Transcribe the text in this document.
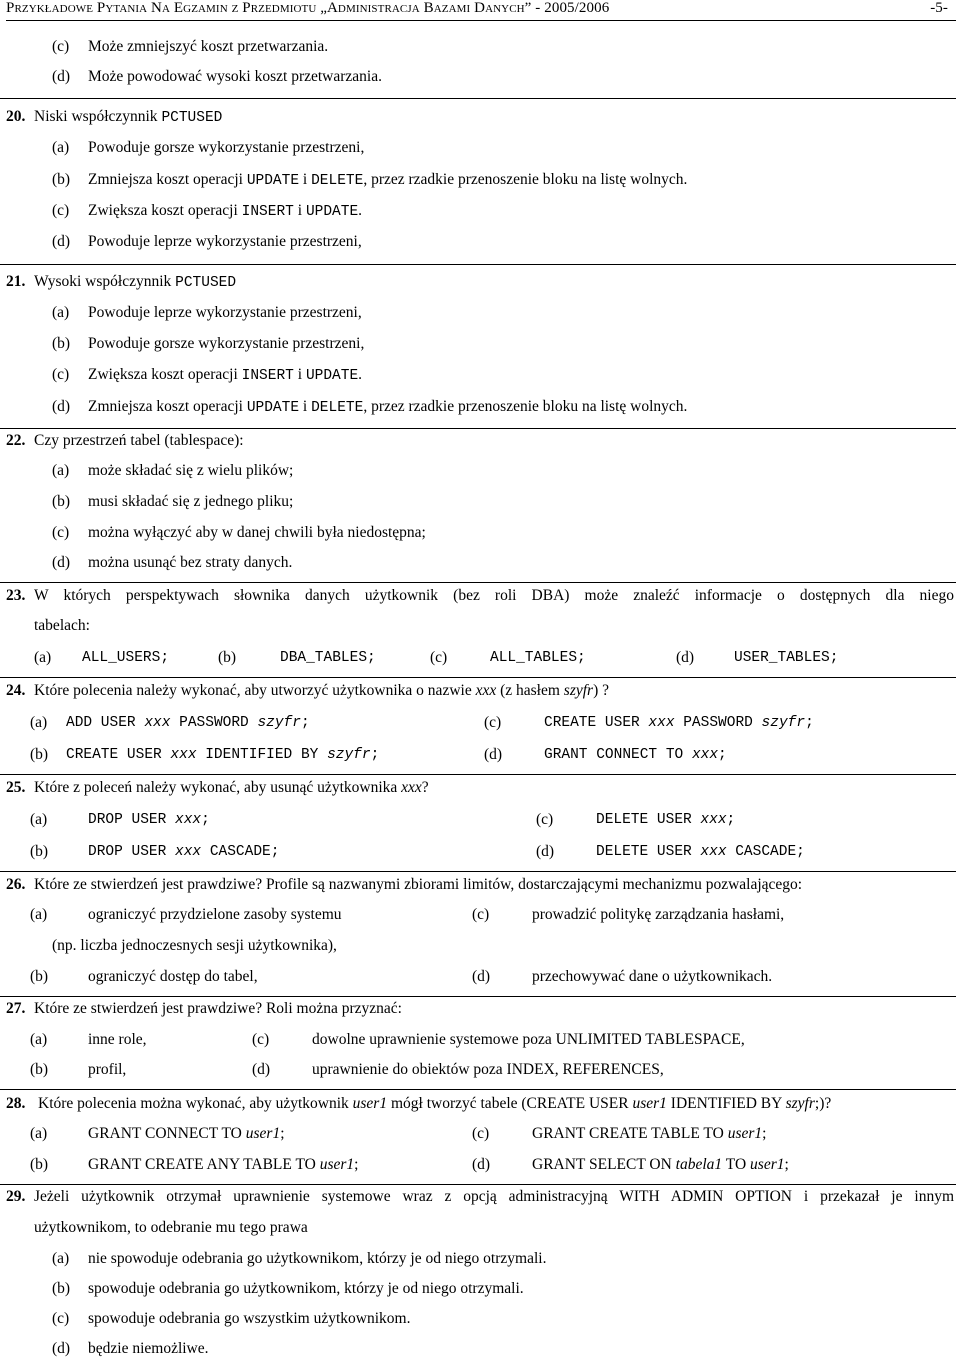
Przykładowe Pytania Na Egzamin z Przedmiotu „Administracja Bazami Danych” - 2005/2006	-5-
(c) Może zmniejszyć koszt przetwarzania.
(d) Może powodować wysoki koszt przetwarzania.
20. Niski współczynnik PCTUSED
(a) Powoduje gorsze wykorzystanie przestrzeni,
(b) Zmniejsza koszt operacji UPDATE i DELETE, przez rzadkie przenoszenie bloku na listę wolnych.
(c) Zwiększa koszt operacji INSERT i UPDATE.
(d) Powoduje leprze wykorzystanie przestrzeni,
21. Wysoki współczynnik PCTUSED
(a) Powoduje leprze wykorzystanie przestrzeni,
(b) Powoduje gorsze wykorzystanie przestrzeni,
(c) Zwiększa koszt operacji INSERT i UPDATE.
(d) Zmniejsza koszt operacji UPDATE i DELETE, przez rzadkie przenoszenie bloku na listę wolnych.
22. Czy przestrzeń tabel (tablespace):
(a) może składać się z wielu plików;
(b) musi składać się z jednego pliku;
(c) można wyłączyć aby w danej chwili była niedostępna;
(d) można usunąć bez straty danych.
23. W których perspektywach słownika danych użytkownik (bez roli DBA) może znaleźć informacje o dostępnych dla niego
tabelach:
(a) ALL_USERS;	(b)	DBA_TABLES;	(c)	ALL_TABLES;	(d)	USER_TABLES;
24. Które polecenia należy wykonać, aby utworzyć użytkownika o nazwie xxx (z hasłem szyfr) ?
(a) ADD USER xxx PASSWORD szyfr;	(c)	CREATE USER xxx PASSWORD szyfr;
(b) CREATE USER xxx IDENTIFIED BY szyfr;	(d)	GRANT CONNECT TO xxx;
25. Które z poleceń należy wykonać, aby usunąć użytkownika xxx?
(a)	DROP USER xxx;	(c)	DELETE USER xxx;
(b)	DROP USER xxx CASCADE;	(d)	DELETE USER xxx CASCADE;
26. Które ze stwierdzeń jest prawdziwe? Profile są nazwanymi zbiorami limitów, dostarczającymi mechanizmu pozwalającego:
(a)	ograniczyć przydzielone zasoby systemu	(c)	prowadzić politykę zarządzania hasłami,
(np. liczba jednoczesnych sesji użytkownika),
(b)	ograniczyć dostęp do tabel,	(d)	przechowywać dane o użytkownikach.
27. Które ze stwierdzeń jest prawdziwe? Roli można przyznać:
(a)	inne role,	(c)	dowolne uprawnienie systemowe poza UNLIMITED TABLESPACE,
(b)	profil,	(d)	uprawnienie do obiektów poza INDEX, REFERENCES,
28. Które polecenia można wykonać, aby użytkownik user1 mógł tworzyć tabele (CREATE USER user1 IDENTIFIED BY szyfr;)?
(a)	GRANT CONNECT TO user1;	(c)	GRANT CREATE TABLE TO user1;
(b)	GRANT CREATE ANY TABLE TO user1;	(d)	GRANT SELECT ON tabela1 TO user1;
29. Jeżeli użytkownik otrzymał uprawnienie systemowe wraz z opcją administracyjną WITH ADMIN OPTION i przekazał je innym
użytkownikom, to odebranie mu tego prawa
(a) nie spowoduje odebrania go użytkownikom, którzy je od niego otrzymali.
(b) spowoduje odebrania go użytkownikom, którzy je od niego otrzymali.
(c) spowoduje odebrania go wszystkim użytkownikom.
(d) będzie niemożliwe.
